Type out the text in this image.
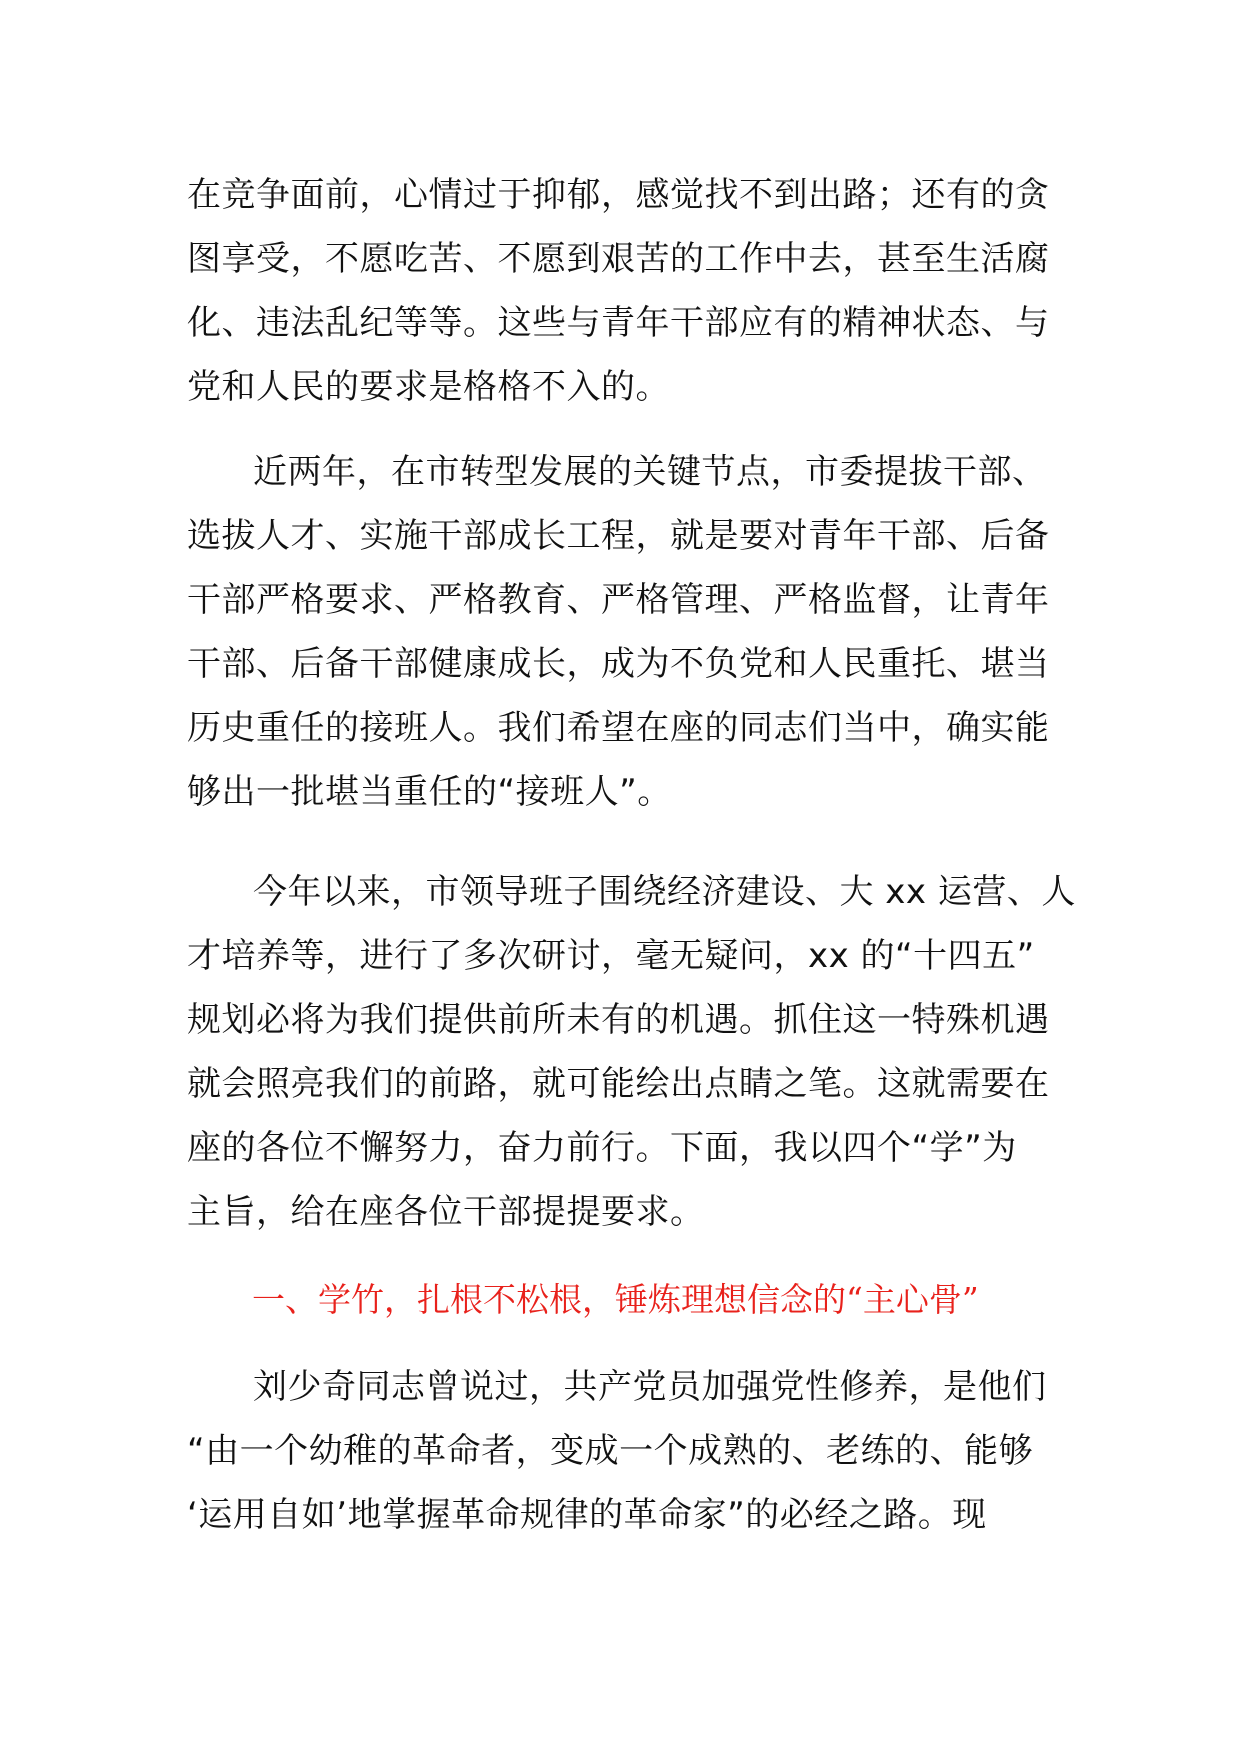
在竞争面前，心情过于抑郁，感觉找不到出路；还有的贪
图享受，不愿吃苦、不愿到艰苦的工作中去，甚至生活腐
化、违法乱纪等等。这些与青年干部应有的精神状态、与
党和人民的要求是格格不入的。
近两年，在市转型发展的关键节点，市委提拔干部、
选拔人才、实施干部成长工程，就是要对青年干部、后备
干部严格要求、严格教育、严格管理、严格监督，让青年
干部、后备干部健康成长，成为不负党和人民重托、堪当
历史重任的接班人。我们希望在座的同志们当中，确实能
够出一批堪当重任的“接班人”。
今年以来，市领导班子围绕经济建设、大 xx 运营、人
才培养等，进行了多次研讨，毫无疑问，xx 的“十四五”
规划必将为我们提供前所未有的机遇。抓住这一特殊机遇
就会照亮我们的前路，就可能绘出点睛之笔。这就需要在
座的各位不懈努力，奋力前行。下面，我以四个“学”为
主旨，给在座各位干部提提要求。
一、学竹，扎根不松根，锤炼理想信念的“主心骨”
刘少奇同志曾说过，共产党员加强党性修养，是他们
“由一个幼稚的革命者，变成一个成熟的、老练的、能够
‘运用自如’地掌握革命规律的革命家”的必经之路。现
